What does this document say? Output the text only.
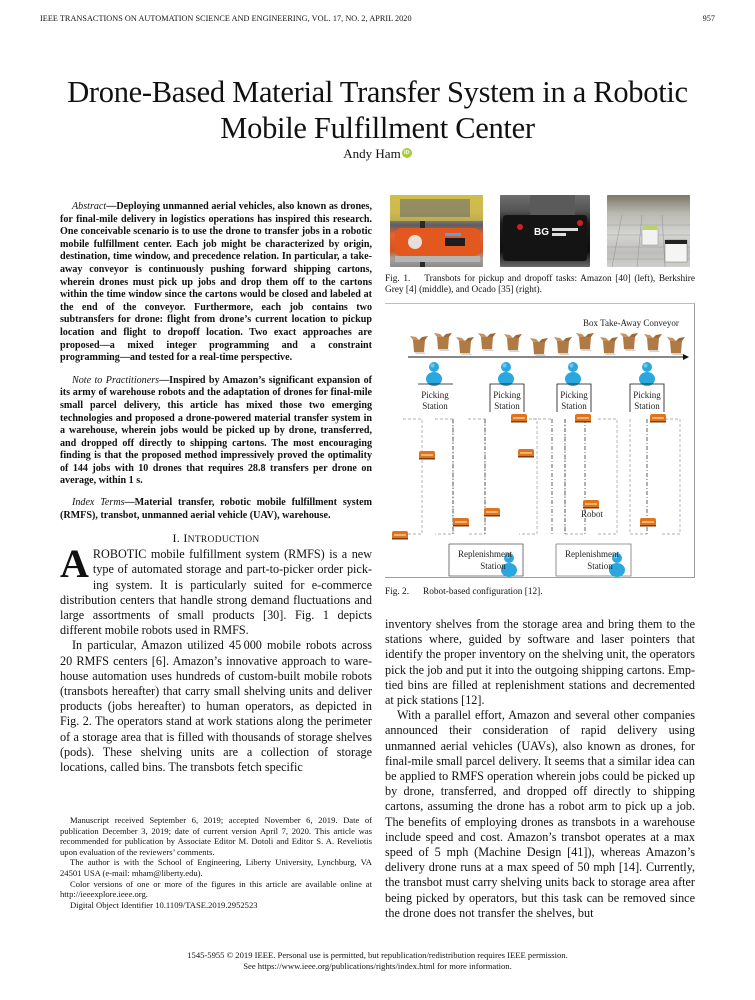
IEEE TRANSACTIONS ON AUTOMATION SCIENCE AND ENGINEERING, VOL. 17, NO. 2, APRIL 2020	957
Drone-Based Material Transfer System in a Robotic
Mobile Fulfillment Center
Andy Ham iD

Abstract—Deploying unmanned aerial vehicles, also known as drones, for final-mile delivery in logistics operations has inspired this research. One conceivable scenario is to use the drone to transfer jobs in a robotic mobile fulfillment center. Each job might be characterized by origin, destination, time window, and precedence relation. In particular, a take-away conveyor is continuously pushing forward shipping cartons, wherein drones must pick up jobs and drop them off to the cartons within the time window since the cartons would be closed and labeled at the end of the conveyor. Furthermore, each job contains two subtransfers for drone: flight from drone’s current location to pickup location and flight to dropoff location. Two exact approaches are proposed—a mixed integer programming and a constraint programming—and tested for a real-time perspective.

Note to Practitioners—Inspired by Amazon’s significant expansion of its army of warehouse robots and the adaptation of drones for final-mile small parcel delivery, this article has mixed those two emerging technologies and proposed a drone-powered material transfer system in a warehouse, wherein jobs would be picked up by drone, transferred, and dropped off directly to shipping cartons. The most encouraging finding is that the proposed method impressively proved the optimality of 144 jobs with 10 drones that requires 28.8 transfers per drone on average, within 1 s.

Index Terms—Material transfer, robotic mobile fulfillment system (RMFS), transbot, unmanned aerial vehicle (UAV), warehouse.

I. INTRODUCTION

AROBOTIC mobile fulfillment system (RMFS) is a new type of automated storage and part-to-picker order picking system. It is particularly suited for e-commerce distribution centers that handle strong demand fluctuations and large assortments of small products [30]. Fig. 1 depicts different mobile robots used in RMFS.

In particular, Amazon utilized 45 000 mobile robots across 20 RMFS centers [6]. Amazon’s innovative approach to warehouse automation uses hundreds of custom-built mobile robots (transbots hereafter) that carry small shelving units and deliver products (jobs hereafter) to human operators, as depicted in Fig. 2. The operators stand at work stations along the perimeter of a storage area that is filled with thousands of storage shelves (pods). These shelving units are a collection of storage locations, called bins. The transbots fetch specific

Manuscript received September 6, 2019; accepted November 6, 2019. Date of publication December 3, 2019; date of current version April 7, 2020. This article was recommended for publication by Associate Editor M. Dotoli and Editor S. A. Reveliotis upon evaluation of the reviewers’ comments.

The author is with the School of Engineering, Liberty University, Lynchburg, VA 24501 USA (e-mail: mham@liberty.edu).

Color versions of one or more of the figures in this article are available online at http://ieeexplore.ieee.org.

Digital Object Identifier 10.1109/TASE.2019.2952523

BG

Fig. 1. Transbots for pickup and dropoff tasks: Amazon [40] (left), Berkshire Grey [4] (middle), and Ocado [35] (right).

Box Take-Away Conveyor
Picking
Station
Picking
Station
Picking
Station
Picking
Station
Robot
Replenishment
Station
Replenishment
Station

Fig. 2. Robot-based configuration [12].

inventory shelves from the storage area and bring them to the stations where, guided by software and laser pointers that identify the proper inventory on the shelving unit, the operators pick the job and put it into the outgoing shipping cartons. Emptied bins are filled at replenishment stations and decremented at pick stations [12].

With a parallel effort, Amazon and several other companies announced their consideration of rapid delivery using unmanned aerial vehicles (UAVs), also known as drones, for final-mile small parcel delivery. It seems that a similar idea can be applied to RMFS operation wherein jobs could be picked up by drone, transferred, and dropped off directly to shipping cartons, assuming the drone has a robot arm to pick up a job. The benefits of employing drones as transbots in a warehouse include speed and cost. Amazon’s transbot operates at a max speed of 5 mph (Machine Design [41]), whereas Amazon’s delivery drone runs at a max speed of 50 mph [14]. Currently, the transbot must carry shelving units back to storage area after being picked by operators, but this task can be removed since the drone does not transfer the shelves, but

1545-5955 © 2019 IEEE. Personal use is permitted, but republication/redistribution requires IEEE permission.
See https://www.ieee.org/publications/rights/index.html for more information.
